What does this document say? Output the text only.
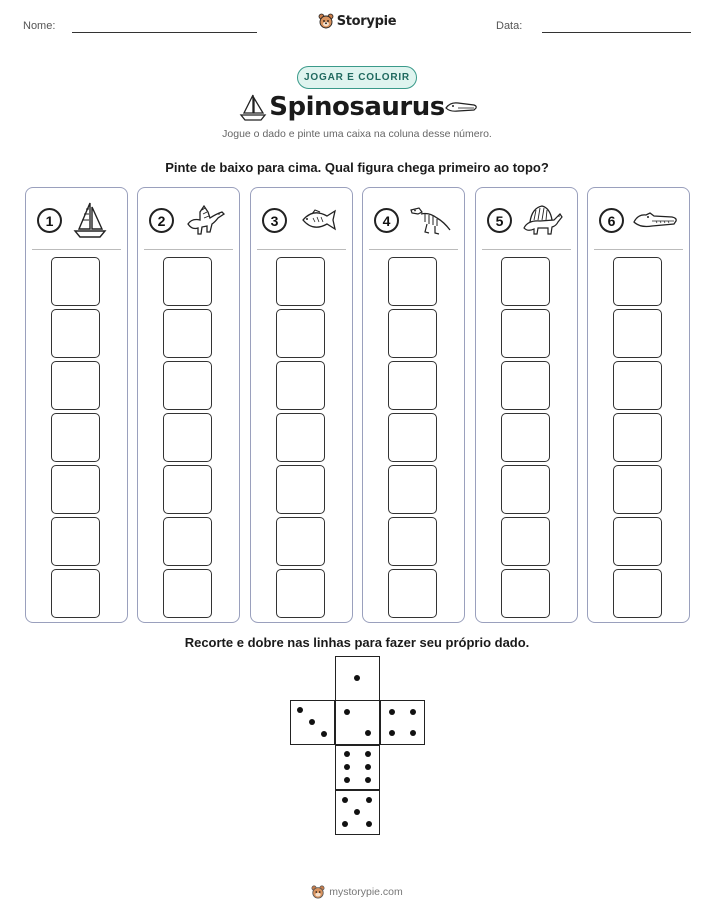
Nome:	Storypie	Data:
JOGAR E COLORIR
Spinosaurus
Jogue o dado e pinte uma caixa na coluna desse número.
Pinte de baixo para cima. Qual figura chega primeiro ao topo?
1	2	3	4	5	6
Recorte e dobre nas linhas para fazer seu próprio dado.
mystorypie.com
